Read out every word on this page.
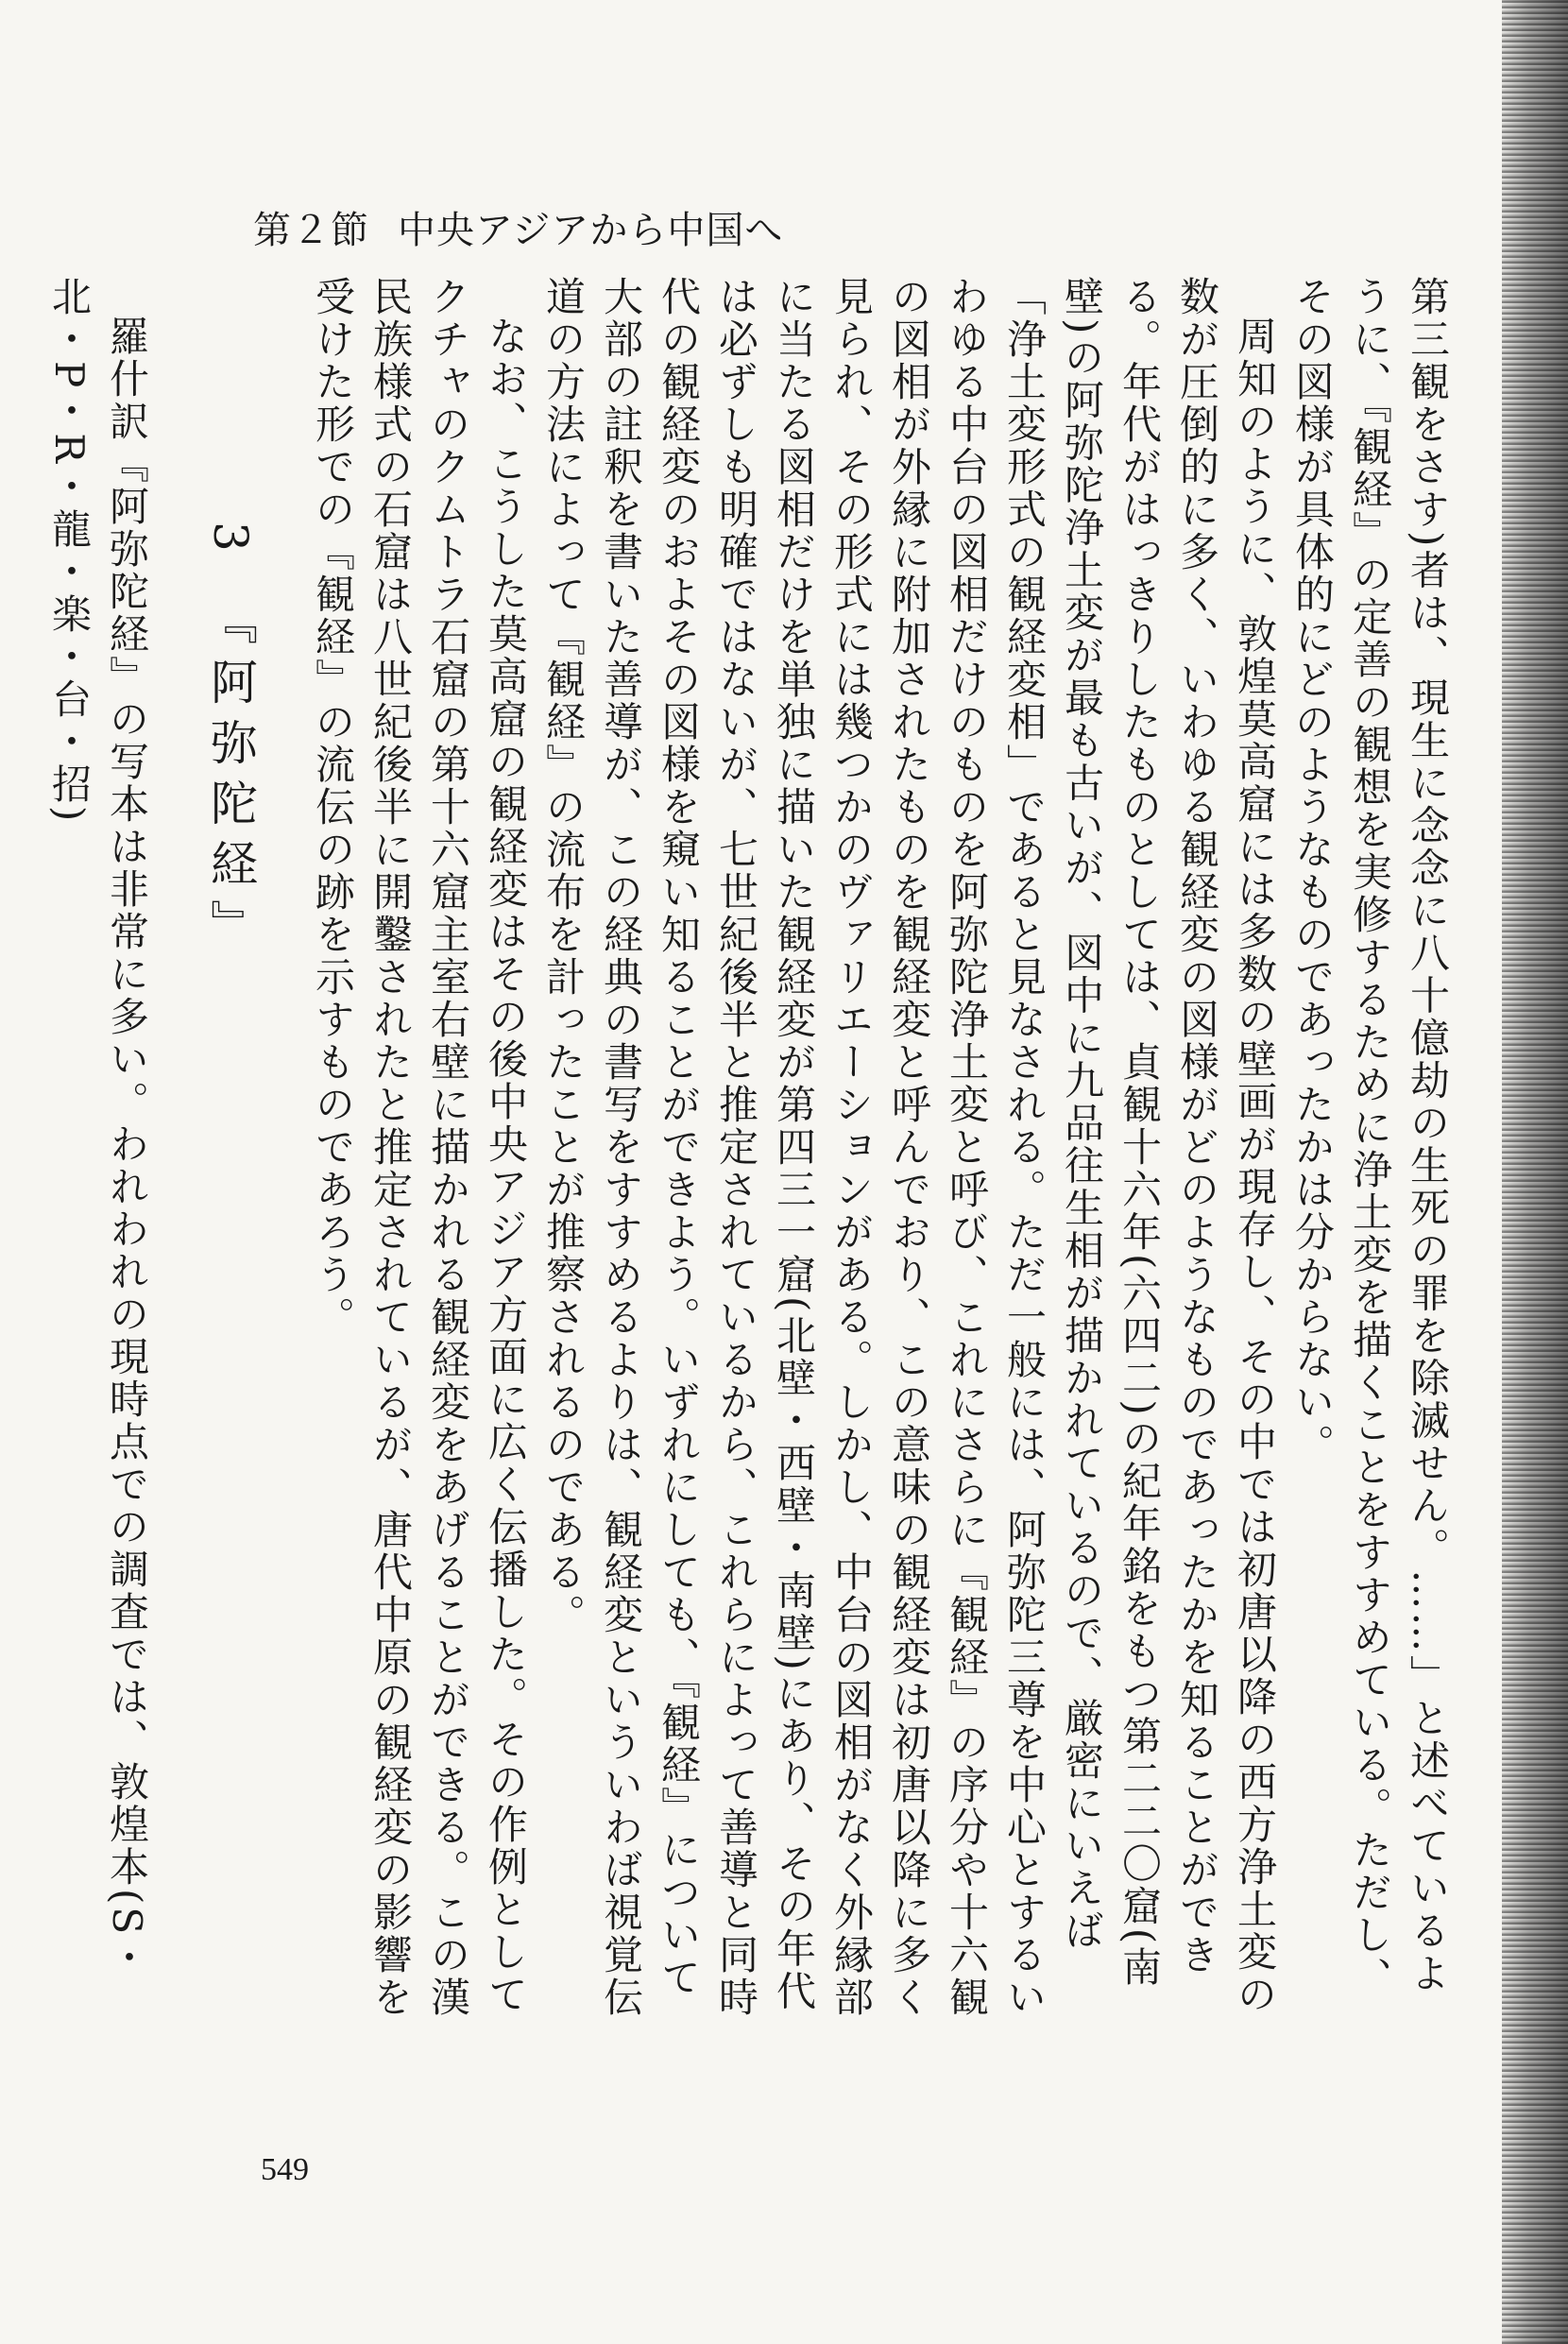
第２節 中央アジアから中国へ

第三観をさす)者は、現生に念念に八十億劫の生死の罪を除滅せん。……」と述べているように、『観経』の定善の観想を実修するために浄土変を描くことをすすめている。ただし、その図様が具体的にどのようなものであったかは分からない。

周知のように、敦煌莫高窟には多数の壁画が現存し、その中では初唐以降の西方浄土変の数が圧倒的に多く、いわゆる観経変の図様がどのようなものであったかを知ることができる。年代がはっきりしたものとしては、貞観十六年(六四二)の紀年銘をもつ第二二〇窟(南壁)の阿弥陀浄土変が最も古いが、図中に九品往生相が描かれているので、厳密にいえば「浄土変形式の観経変相」であると見なされる。ただ一般には、阿弥陀三尊を中心とするいわゆる中台の図相だけのものを阿弥陀浄土変と呼び、これにさらに『観経』の序分や十六観の図相が外縁に附加されたものを観経変と呼んでおり、この意味の観経変は初唐以降に多く見られ、その形式には幾つかのヴァリエーションがある。しかし、中台の図相がなく外縁部に当たる図相だけを単独に描いた観経変が第四三一窟(北壁・西壁・南壁)にあり、その年代は必ずしも明確ではないが、七世紀後半と推定されているから、これらによって善導と同時代の観経変のおよその図様を窺い知ることができよう。いずれにしても、『観経』について大部の註釈を書いた善導が、この経典の書写をすすめるよりは、観経変といういわば視覚伝道の方法によって『観経』の流布を計ったことが推察されるのである。

なお、こうした莫高窟の観経変はその後中央アジア方面に広く伝播した。その作例としてクチャのクムトラ石窟の第十六窟主室右壁に描かれる観経変をあげることができる。この漢民族様式の石窟は八世紀後半に開鑿されたと推定されているが、唐代中原の観経変の影響を受けた形での『観経』の流伝の跡を示すものであろう。

3『阿弥陀経』

羅什訳『阿弥陀経』の写本は非常に多い。われわれの現時点での調査では、敦煌本(S・北・P・R・龍・楽・台・招)

549
